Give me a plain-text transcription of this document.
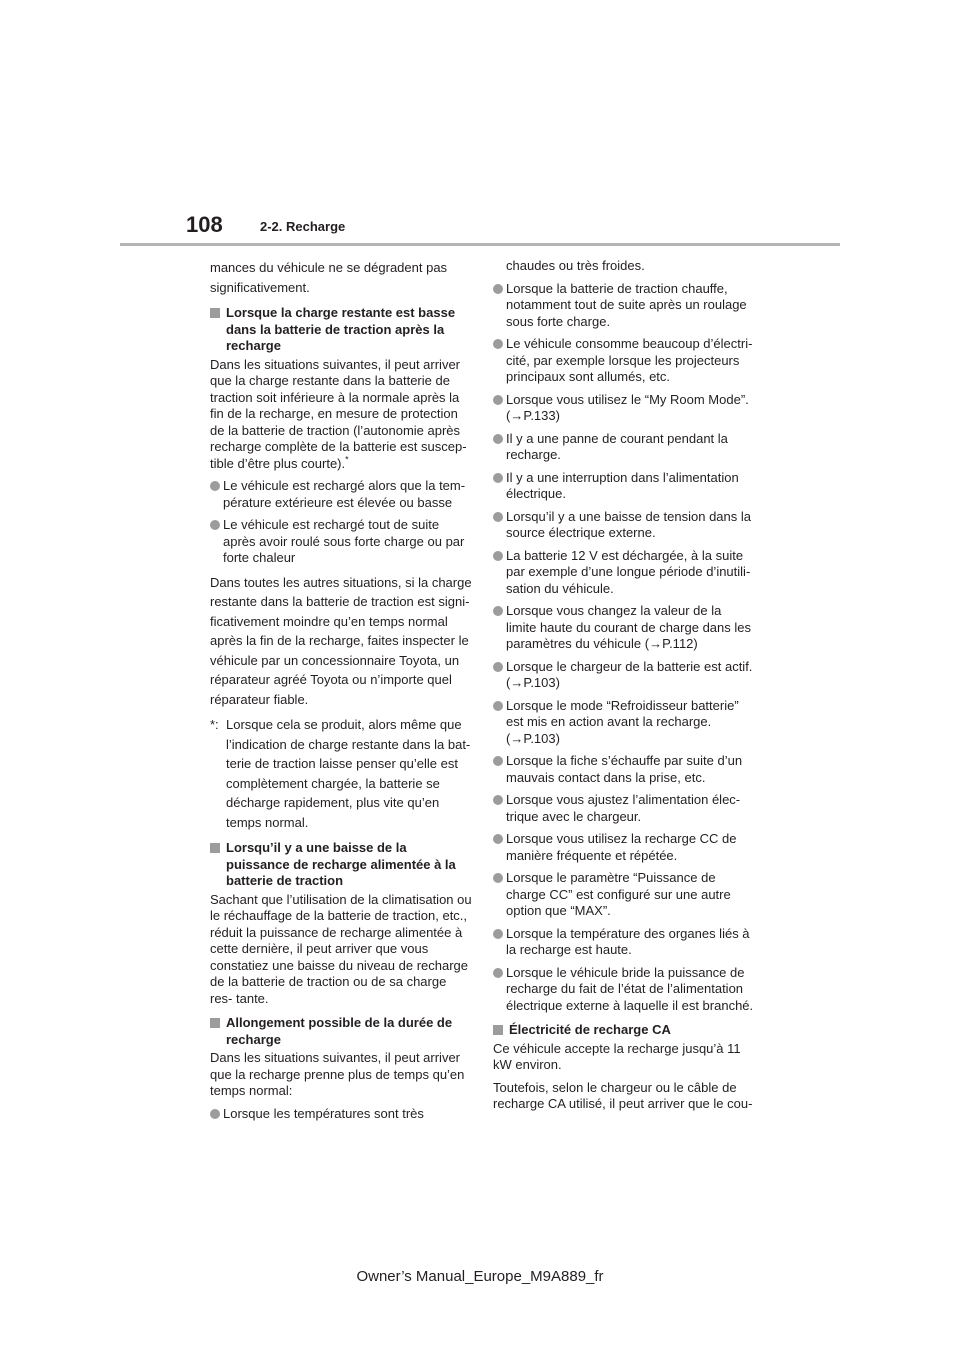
108	2-2. Recharge

mances du véhicule ne se dégradent pas significativement.

Lorsque la charge restante est basse dans la batterie de traction après la recharge

Dans les situations suivantes, il peut arriver que la charge restante dans la batterie de traction soit inférieure à la normale après la fin de la recharge, en mesure de protection de la batterie de traction (l’autonomie après recharge complète de la batterie est suscep- tible d’être plus courte).*

Le véhicule est rechargé alors que la tem- pérature extérieure est élevée ou basse
Le véhicule est rechargé tout de suite après avoir roulé sous forte charge ou par forte chaleur

Dans toutes les autres situations, si la charge restante dans la batterie de traction est signi- ficativement moindre qu’en temps normal après la fin de la recharge, faites inspecter le véhicule par un concessionnaire Toyota, un réparateur agréé Toyota ou n’importe quel réparateur fiable.

*: Lorsque cela se produit, alors même que l’indication de charge restante dans la bat- terie de traction laisse penser qu’elle est complètement chargée, la batterie se décharge rapidement, plus vite qu’en temps normal.
Lorsqu’il y a une baisse de la puissance de recharge alimentée à la batterie de traction

Sachant que l’utilisation de la climatisation ou le réchauffage de la batterie de traction, etc., réduit la puissance de recharge alimentée à cette dernière, il peut arriver que vous constatiez une baisse du niveau de recharge de la batterie de traction ou de sa charge res- tante.

Allongement possible de la durée de recharge

Dans les situations suivantes, il peut arriver que la recharge prenne plus de temps qu’en temps normal:

Lorsque les températures sont très

chaudes ou très froides.

Lorsque la batterie de traction chauffe, notamment tout de suite après un roulage sous forte charge.
Le véhicule consomme beaucoup d’électri- cité, par exemple lorsque les projecteurs principaux sont allumés, etc.
Lorsque vous utilisez le “My Room Mode”. (→P.133)
Il y a une panne de courant pendant la recharge.
Il y a une interruption dans l’alimentation électrique.
Lorsqu’il y a une baisse de tension dans la source électrique externe.
La batterie 12 V est déchargée, à la suite par exemple d’une longue période d’inutili- sation du véhicule.
Lorsque vous changez la valeur de la limite haute du courant de charge dans les paramètres du véhicule (→P.112)
Lorsque le chargeur de la batterie est actif. (→P.103)
Lorsque le mode “Refroidisseur batterie” est mis en action avant la recharge. (→P.103)
Lorsque la fiche s’échauffe par suite d’un mauvais contact dans la prise, etc.
Lorsque vous ajustez l’alimentation élec- trique avec le chargeur.
Lorsque vous utilisez la recharge CC de manière fréquente et répétée.
Lorsque le paramètre “Puissance de charge CC” est configuré sur une autre option que “MAX”.
Lorsque la température des organes liés à la recharge est haute.
Lorsque le véhicule bride la puissance de recharge du fait de l’état de l’alimentation électrique externe à laquelle il est branché.
Électricité de recharge CA

Ce véhicule accepte la recharge jusqu’à 11 kW environ.

Toutefois, selon le chargeur ou le câble de recharge CA utilisé, il peut arriver que le cou-

Owner’s Manual_Europe_M9A889_fr
